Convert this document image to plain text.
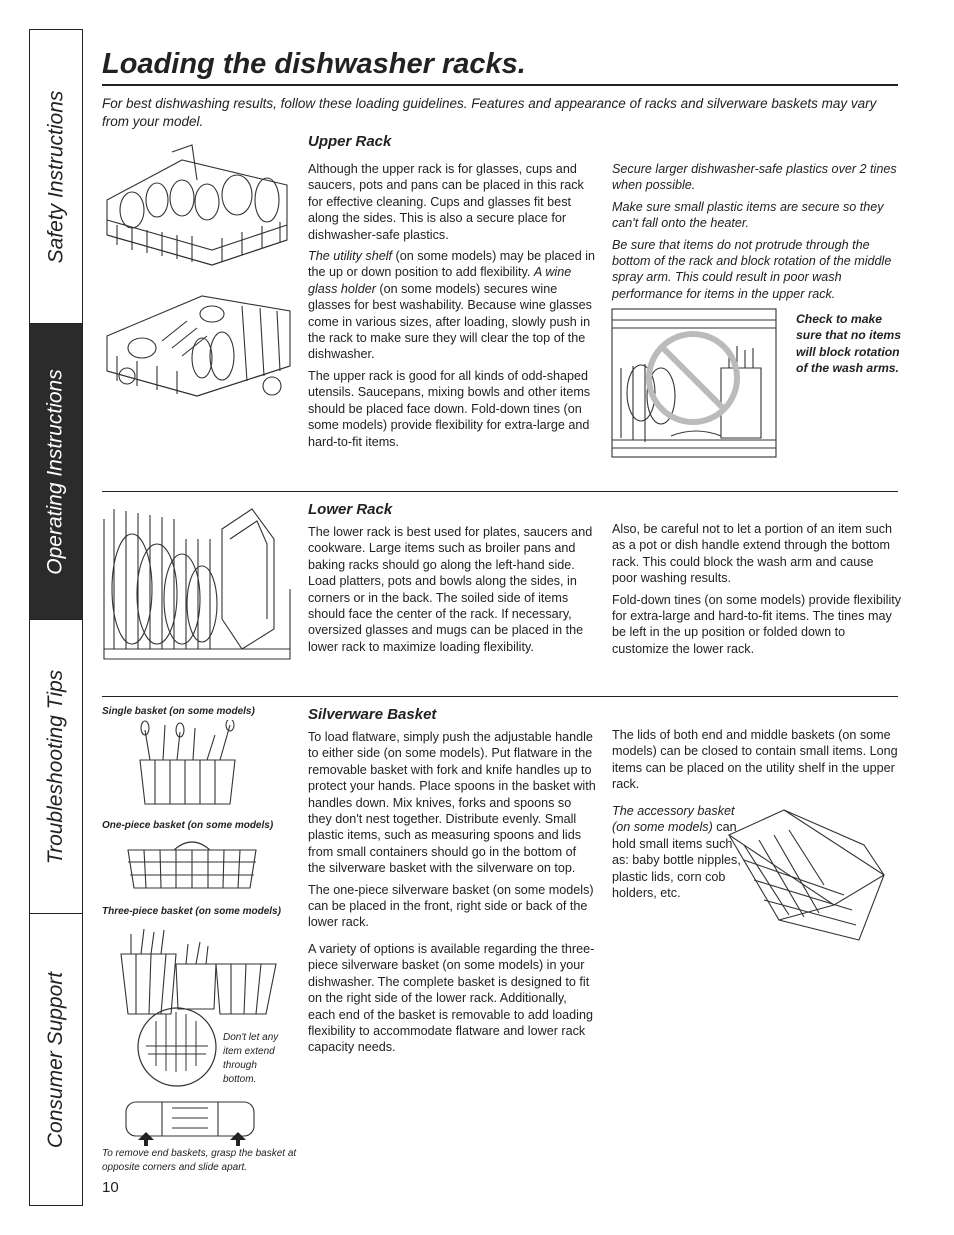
Safety Instructions
Operating Instructions
Troubleshooting Tips
Consumer Support
Loading the dishwasher racks.
For best dishwashing results, follow these loading guidelines. Features and appearance of racks and silverware baskets may vary from your model.
Upper Rack

Although the upper rack is for glasses, cups and saucers, pots and pans can be placed in this rack for effective cleaning. Cups and glasses fit best along the sides. This is also a secure place for dishwasher-safe plastics.

The utility shelf (on some models) may be placed in the up or down position to add flexibility. A wine glass holder (on some models) secures wine glasses for best washability. Because wine glasses come in various sizes, after loading, slowly push in the rack to make sure they will clear the top of the dishwasher.

The upper rack is good for all kinds of odd-shaped utensils. Saucepans, mixing bowls and other items should be placed face down. Fold-down tines (on some models) provide flexibility for extra-large and hard-to-fit items.

Secure larger dishwasher-safe plastics over 2 tines when possible.

Make sure small plastic items are secure so they can't fall onto the heater.

Be sure that items do not protrude through the bottom of the rack and block rotation of the middle spray arm. This could result in poor wash performance for items in the upper rack.

Check to make sure that no items will block rotation of the wash arms.
Lower Rack

The lower rack is best used for plates, saucers and cookware. Large items such as broiler pans and baking racks should go along the left-hand side. Load platters, pots and bowls along the sides, in corners or in the back. The soiled side of items should face the center of the rack. If necessary, oversized glasses and mugs can be placed in the lower rack to maximize loading flexibility.

Also, be careful not to let a portion of an item such as a pot or dish handle extend through the bottom rack. This could block the wash arm and cause poor washing results.

Fold-down tines (on some models) provide flexibility for extra-large and hard-to-fit items. The tines may be left in the up position or folded down to customize the lower rack.

Single basket (on some models)
One-piece basket (on some models)
Three-piece basket (on some models)
Don't let any item extend through bottom.
To remove end baskets, grasp the basket at opposite corners and slide apart.
Silverware Basket

To load flatware, simply push the adjustable handle to either side (on some models). Put flatware in the removable basket with fork and knife handles up to protect your hands. Place spoons in the basket with handles down. Mix knives, forks and spoons so they don't nest together. Distribute evenly. Small plastic items, such as measuring spoons and lids from small containers should go in the bottom of the silverware basket with the silverware on top.

The one-piece silverware basket (on some models) can be placed in the front, right side or back of the lower rack.

A variety of options is available regarding the three-piece silverware basket (on some models) in your dishwasher. The complete basket is designed to fit on the right side of the lower rack. Additionally, each end of the basket is removable to add loading flexibility to accommodate flatware and lower rack capacity needs.

The lids of both end and middle baskets (on some models) can be closed to contain small items. Long items can be placed on the utility shelf in the upper rack.

The accessory basket (on some models) can hold small items such as: baby bottle nipples, plastic lids, corn cob holders, etc.
10
